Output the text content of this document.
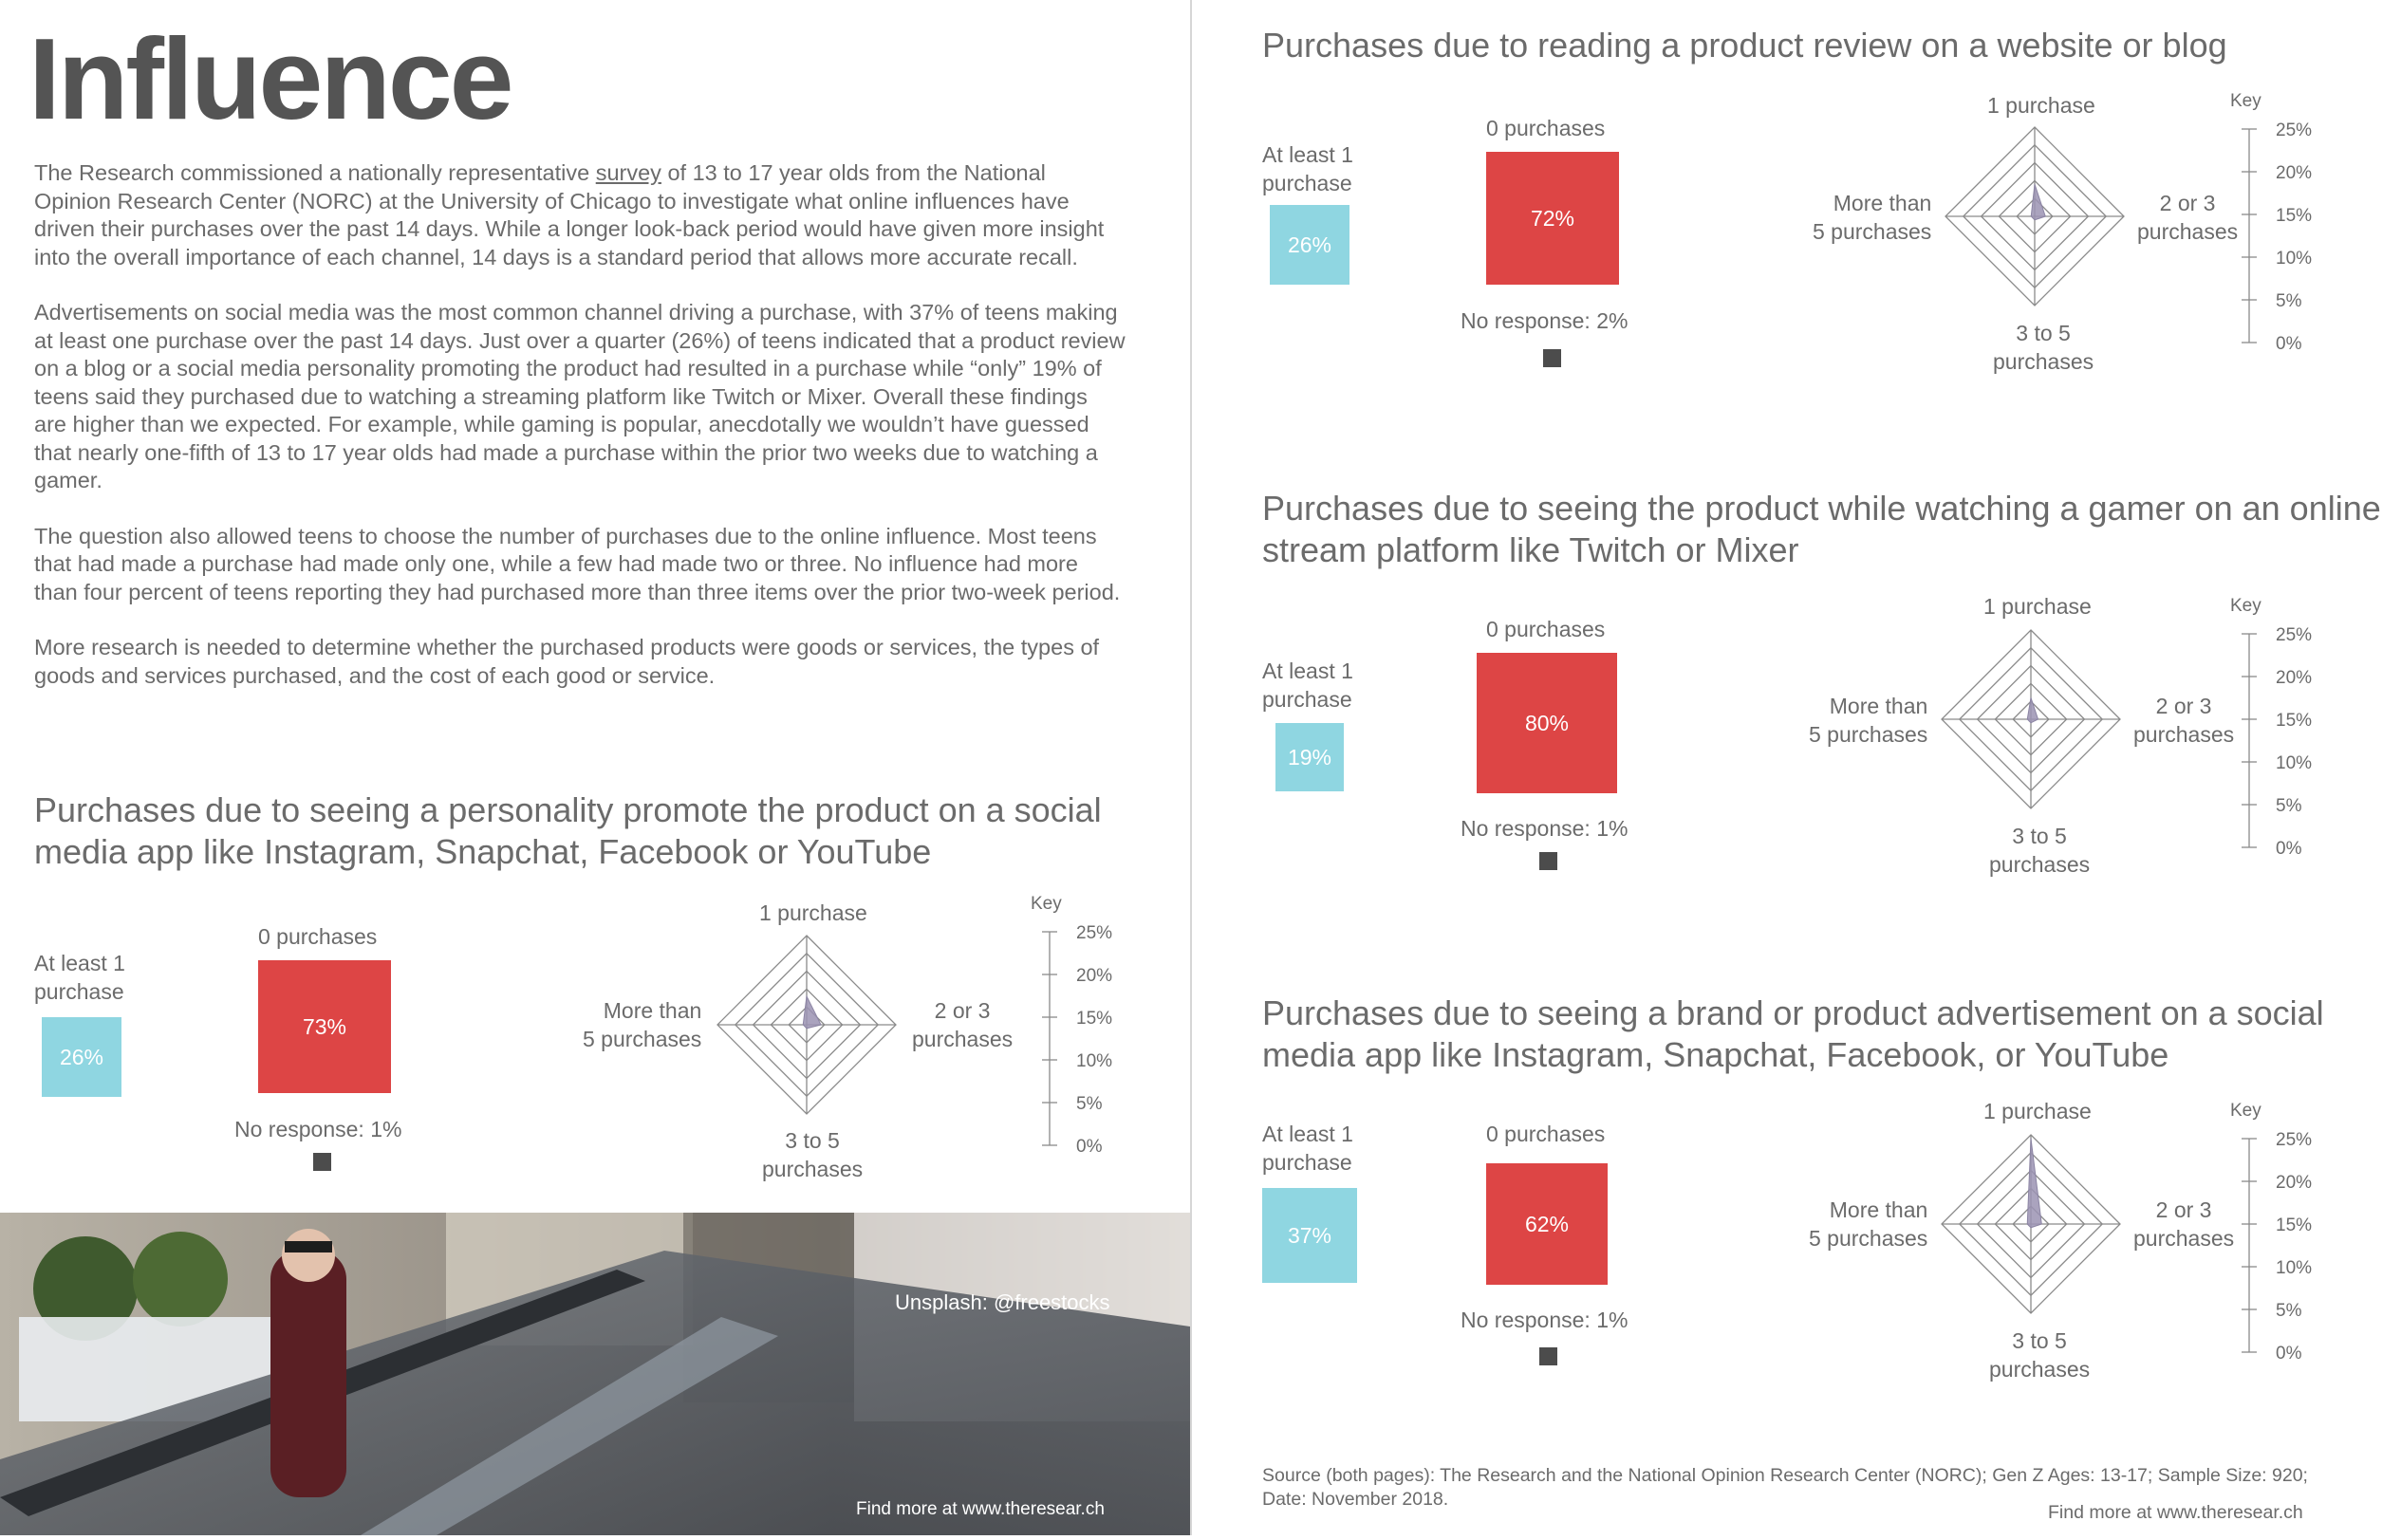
Influence

The Research commissioned a nationally representative survey of 13 to 17 year olds from the National Opinion Research Center (NORC) at the University of Chicago to investigate what online influences have driven their purchases over the past 14 days. While a longer look-back period would have given more insight into the overall importance of each channel, 14 days is a standard period that allows more accurate recall.

Advertisements on social media was the most common channel driving a purchase, with 37% of teens making at least one purchase over the past 14 days. Just over a quarter (26%) of teens indicated that a product review on a blog or a social media personality promoting the product had resulted in a purchase while “only” 19% of teens said they purchased due to watching a streaming platform like Twitch or Mixer. Overall these findings are higher than we expected. For example, while gaming is popular, anecdotally we wouldn’t have guessed that nearly one-fifth of 13 to 17 year olds had made a purchase within the prior two weeks due to watching a gamer.

The question also allowed teens to choose the number of purchases due to the online influence. Most teens that had made a purchase had made only one, while a few had made two or three. No influence had more than four percent of teens reporting they had purchased more than three items over the prior two-week period.

More research is needed to determine whether the purchased products were goods or services, the types of goods and services purchased, and the cost of each good or service.

Purchases due to seeing a personality promote the product on a social media app like Instagram, Snapchat, Facebook or YouTube
At least 1
purchase
26%
0 purchases
73%
No response: 1%
1 purchase
More than
5 purchases
2 or 3
purchases
3 to 5
purchases
Key
25%
20%
15%
10%
5%
0%
Unsplash: @freestocks
Find more at www.theresear.ch
Purchases due to reading a product review on a website or blog
At least 1
purchase
26%
0 purchases
72%
No response: 2%
1 purchase
More than
5 purchases
2 or 3
purchases
3 to 5
purchases
Key
25%
20%
15%
10%
5%
0%
Purchases due to seeing the product while watching a gamer on an online stream platform like Twitch or Mixer
At least 1
purchase
19%
0 purchases
80%
No response: 1%
1 purchase
More than
5 purchases
2 or 3
purchases
3 to 5
purchases
Key
25%
20%
15%
10%
5%
0%
Purchases due to seeing a brand or product advertisement on a social media app like Instagram, Snapchat, Facebook, or YouTube
At least 1
purchase
37%
0 purchases
62%
No response: 1%
1 purchase
More than
5 purchases
2 or 3
purchases
3 to 5
purchases
Key
25%
20%
15%
10%
5%
0%
Source (both pages): The Research and the National Opinion Research Center (NORC); Gen Z Ages: 13-17; Sample Size: 920; Date: November 2018.
Find more at www.theresear.ch
